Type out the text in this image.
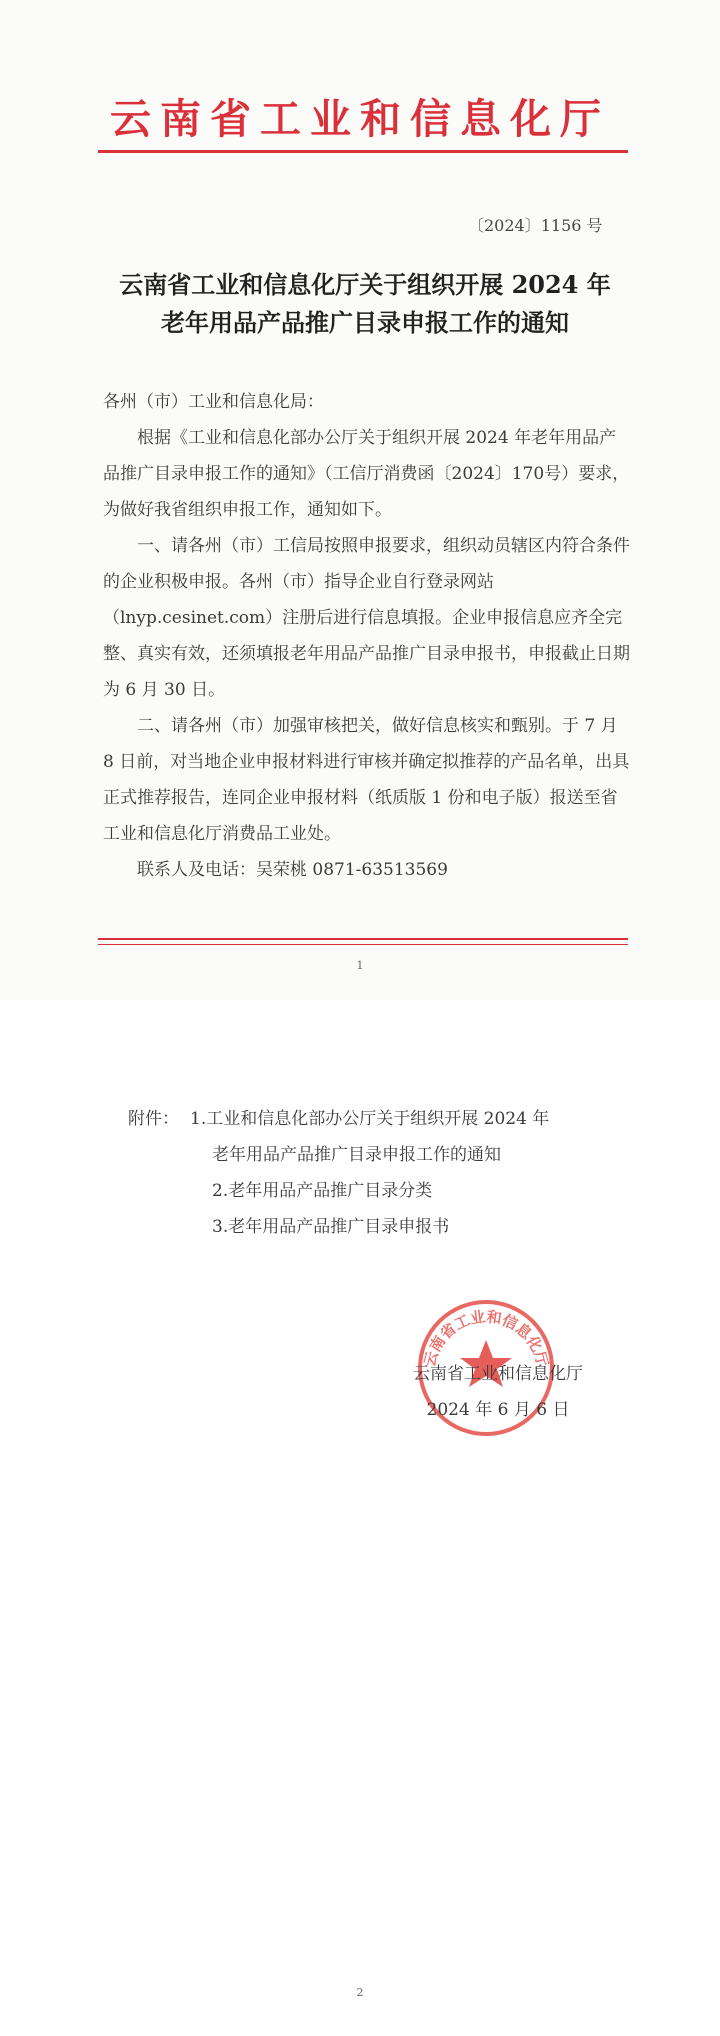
云南省工业和信息化厅
〔2024〕1156 号
云南省工业和信息化厅关于组织开展 2024 年
老年用品产品推广目录申报工作的通知

各州（市）工业和信息化局：

根据《工业和信息化部办公厅关于组织开展 2024 年老年用品产品推广目录申报工作的通知》（工信厅消费函〔2024〕170号）要求，为做好我省组织申报工作，通知如下。

一、请各州（市）工信局按照申报要求，组织动员辖区内符合条件的企业积极申报。各州（市）指导企业自行登录网站（lnyp.cesinet.com）注册后进行信息填报。企业申报信息应齐全完整、真实有效，还须填报老年用品产品推广目录申报书，申报截止日期为 6 月 30 日。

二、请各州（市）加强审核把关，做好信息核实和甄别。于 7 月 8 日前，对当地企业申报材料进行审核并确定拟推荐的产品名单，出具正式推荐报告，连同企业申报材料（纸质版 1 份和电子版）报送至省工业和信息化厅消费品工业处。

联系人及电话：吴荣桃 0871-63513569

1
附件： 1.工业和信息化部办公厅关于组织开展 2024 年
老年用品产品推广目录申报工作的通知
2.老年用品产品推广目录分类
3.老年用品产品推广目录申报书
云南省工业和信息化厅
云南省工业和信息化厅
2024 年 6 月 6 日
2
